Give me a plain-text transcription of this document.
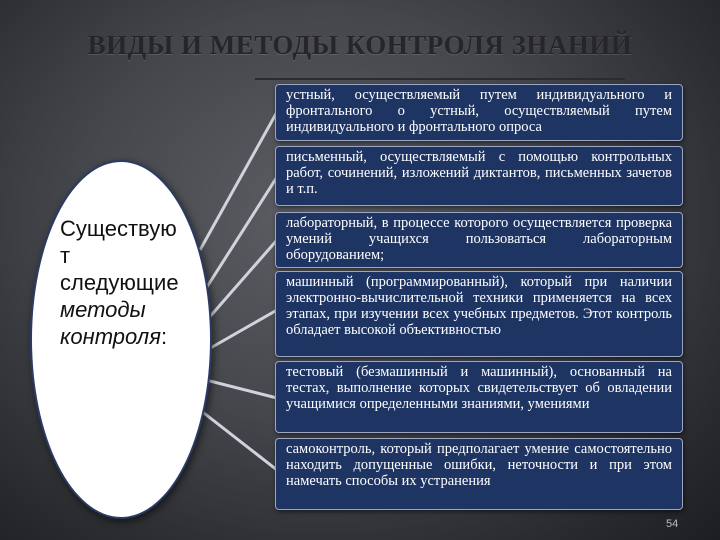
ВИДЫ И МЕТОДЫ КОНТРОЛЯ ЗНАНИЙ
Существую
т
следующие
методы
контроля:
устный, осуществляемый путем индивидуального и фронтального о устный, осуществляемый путем индивидуального и фронтального опроса
письменный, осуществляемый с помощью контрольных работ, сочинений, изложений диктантов, письменных зачетов и т.п.
лабораторный, в процессе которого осуществляется проверка умений учащихся пользоваться лабораторным оборудованием;
машинный (программированный), который при наличии электронно-вычислительной техники применяется на всех этапах, при изучении всех учебных предметов. Этот контроль обладает высокой объективностью
тестовый (безмашинный и машинный), основанный на тестах, выполнение которых свидетельствует об овладении учащимися определенными знаниями, умениями
самоконтроль, который предполагает умение самостоятельно находить допущенные ошибки, неточности и при этом намечать способы их устранения
54
